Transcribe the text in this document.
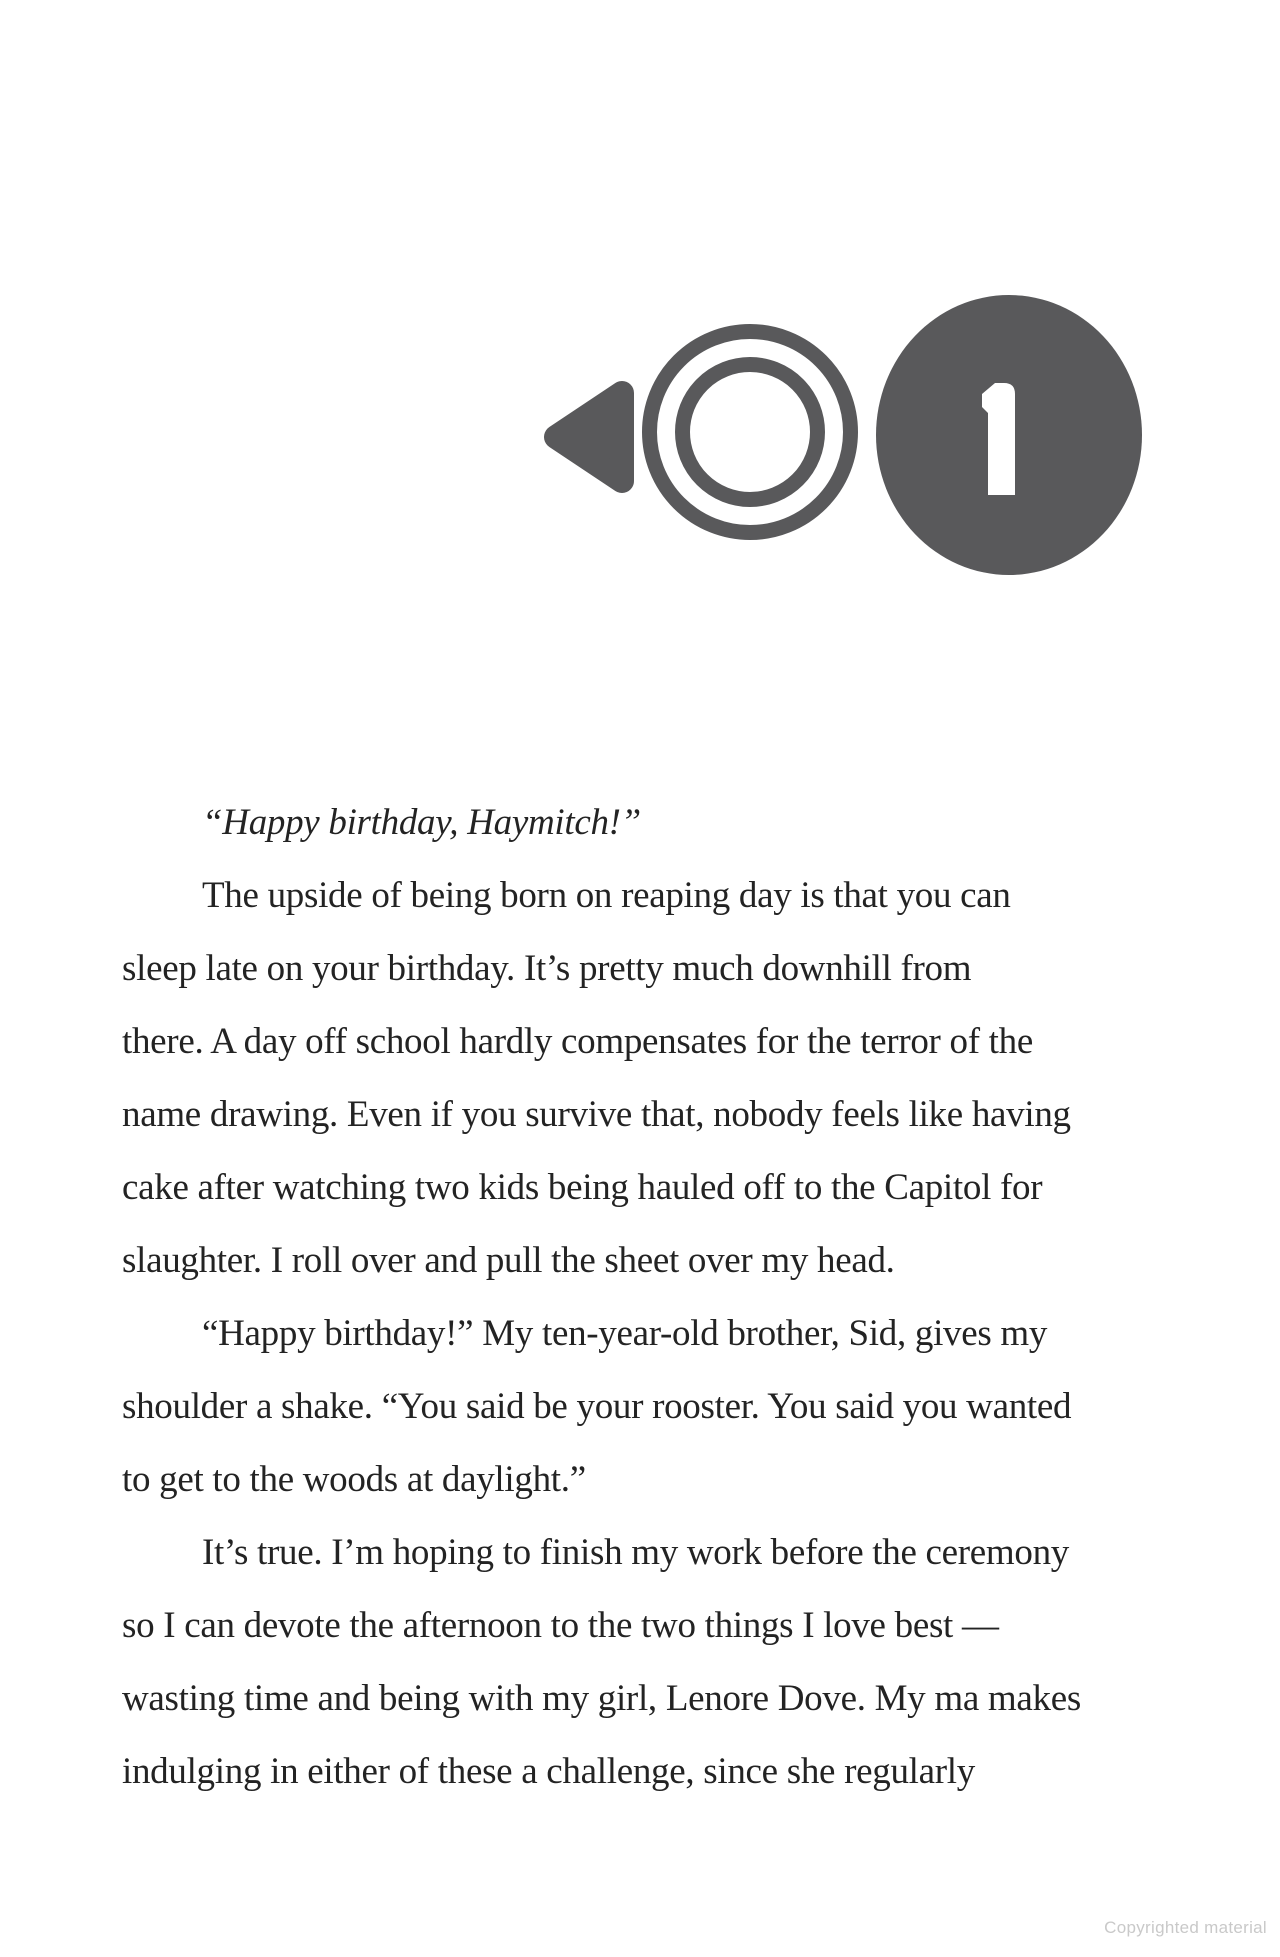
“Happy birthday, Haymitch!”
The upside of being born on reaping day is that you can
sleep late on your birthday. It’s pretty much downhill from
there. A day off school hardly compensates for the terror of the
name drawing. Even if you survive that, nobody feels like having
cake after watching two kids being hauled off to the Capitol for
slaughter. I roll over and pull the sheet over my head.
“Happy birthday!” My ten-year-old brother, Sid, gives my
shoulder a shake. “You said be your rooster. You said you wanted
to get to the woods at daylight.”
It’s true. I’m hoping to finish my work before the ceremony
so I can devote the afternoon to the two things I love best —
wasting time and being with my girl, Lenore Dove. My ma makes
indulging in either of these a challenge, since she regularly
Copyrighted material
